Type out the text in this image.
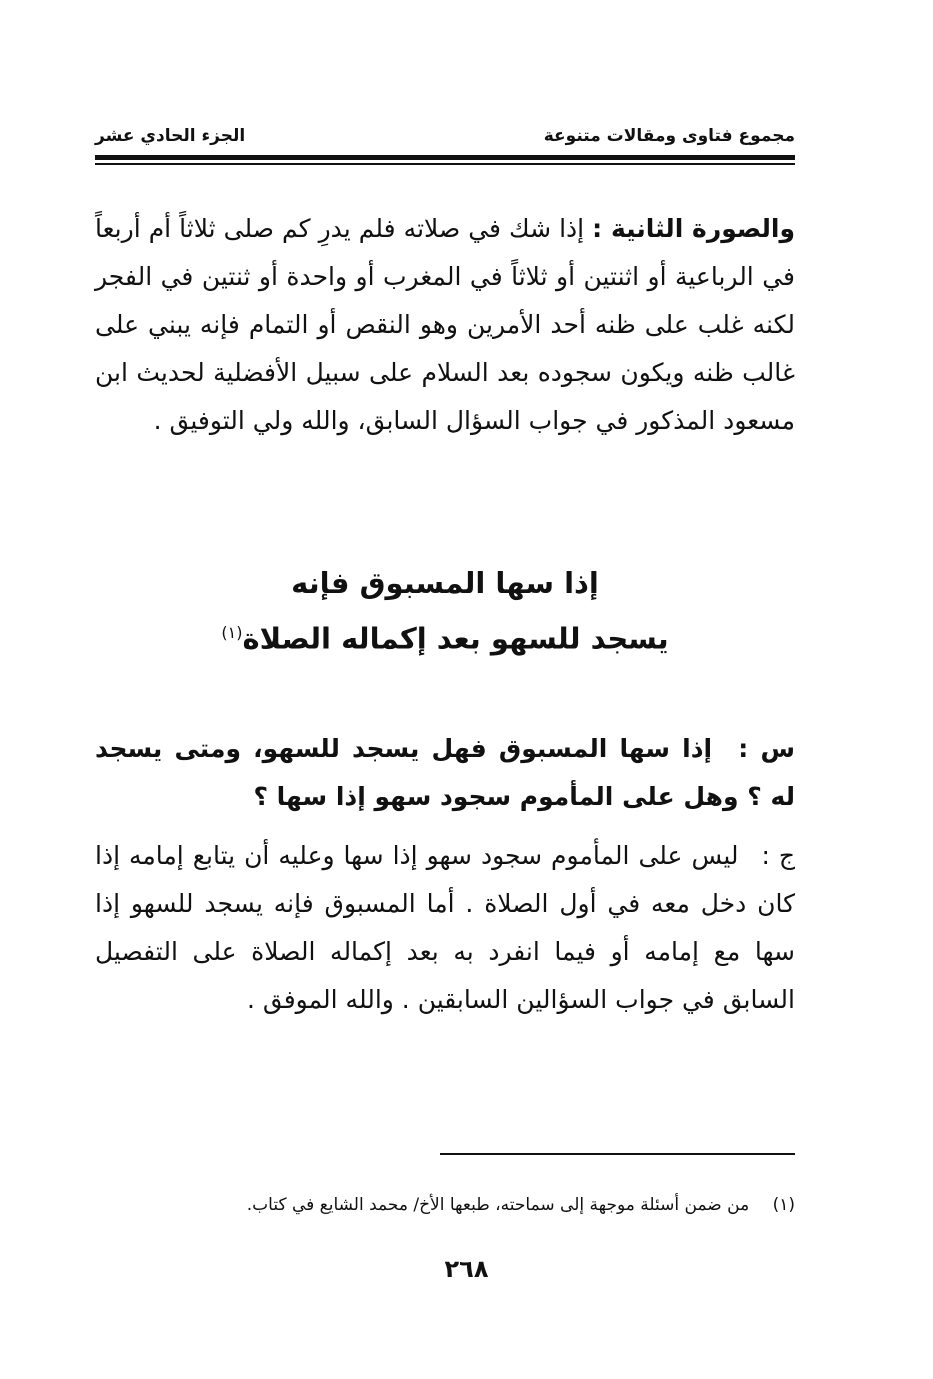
مجموع فتاوى ومقالات متنوعة
الجزء الحادي عشر

والصورة الثانية : إذا شك في صلاته فلم يدرِ كم صلى ثلاثاً أم أربعاً في الرباعية أو اثنتين أو ثلاثاً في المغرب أو واحدة أو ثنتين في الفجر لكنه غلب على ظنه أحد الأمرين وهو النقص أو التمام فإنه يبني على غالب ظنه ويكون سجوده بعد السلام على سبيل الأفضلية لحديث ابن مسعود المذكور في جواب السؤال السابق، والله ولي التوفيق .

إذا سها المسبوق فإنه
يسجد للسهو بعد إكماله الصلاة$^{(١)}$

س : إذا سها المسبوق فهل يسجد للسهو، ومتى يسجد له ؟ وهل على المأموم سجود سهو إذا سها ؟

ج : ليس على المأموم سجود سهو إذا سها وعليه أن يتابع إمامه إذا كان دخل معه في أول الصلاة . أما المسبوق فإنه يسجد للسهو إذا سها مع إمامه أو فيما انفرد به بعد إكماله الصلاة على التفصيل السابق في جواب السؤالين السابقين . والله الموفق .

(١) من ضمن أسئلة موجهة إلى سماحته، طبعها الأخ/ محمد الشايع في كتاب.
٢٦٨
